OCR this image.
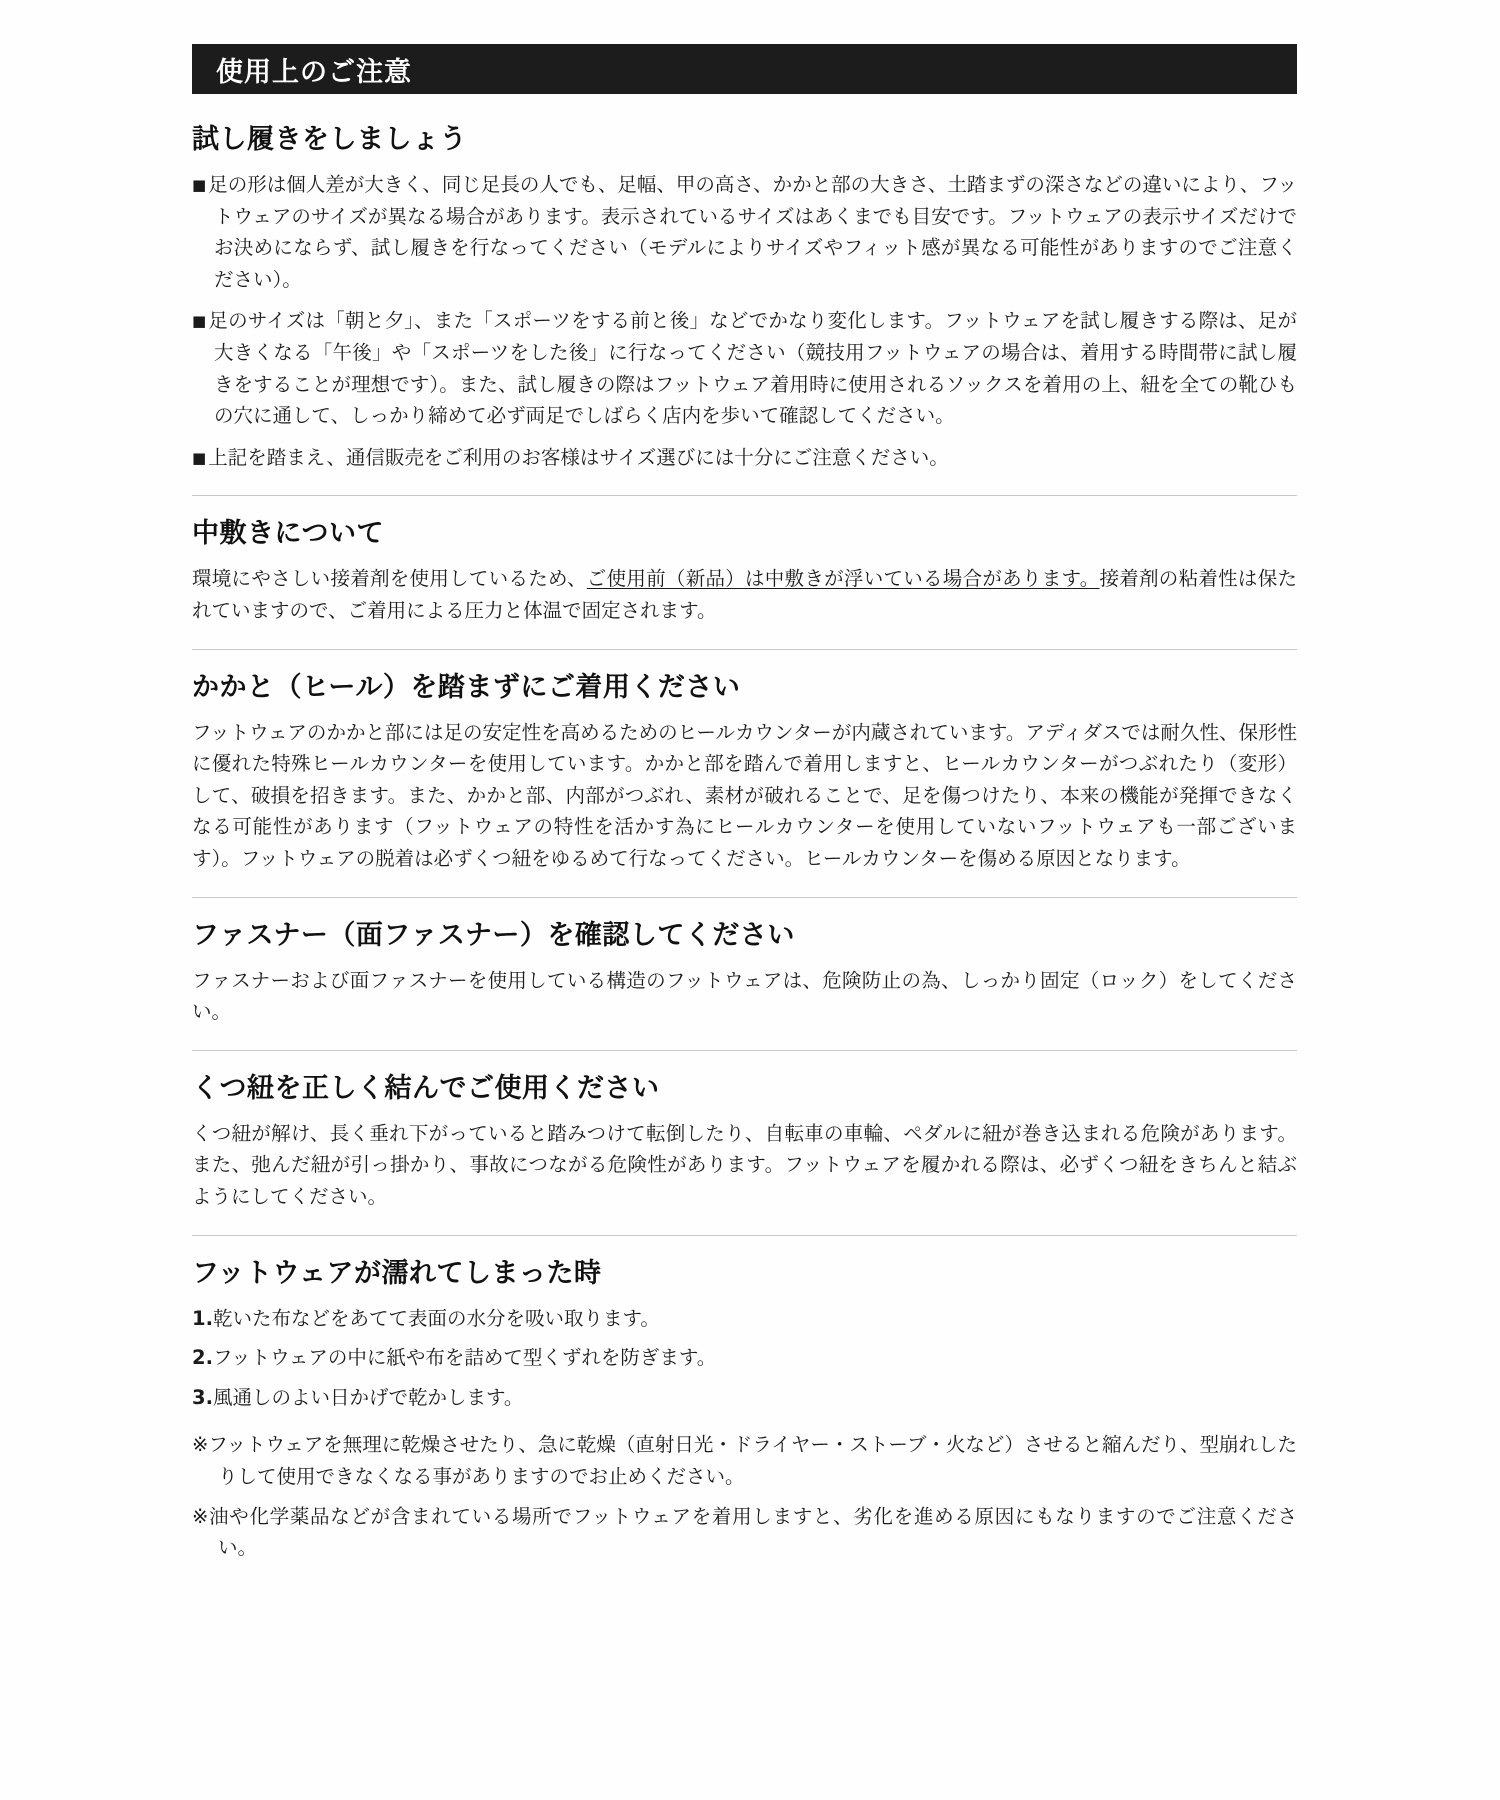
使用上のご注意
試し履きをしましょう

■ 足の形は個人差が大きく、同じ足長の人でも、足幅、甲の高さ、かかと部の大きさ、土踏まずの深さなどの違いにより、フットウェアのサイズが異なる場合があります。表示されているサイズはあくまでも目安です。フットウェアの表示サイズだけでお決めにならず、試し履きを行なってください（モデルによりサイズやフィット感が異なる可能性がありますのでご注意ください）。

■ 足のサイズは「朝と夕」、また「スポーツをする前と後」などでかなり変化します。フットウェアを試し履きする際は、足が大きくなる「午後」や「スポーツをした後」に行なってください（競技用フットウェアの場合は、着用する時間帯に試し履きをすることが理想です）。また、試し履きの際はフットウェア着用時に使用されるソックスを着用の上、紐を全ての靴ひもの穴に通して、しっかり締めて必ず両足でしばらく店内を歩いて確認してください。

■ 上記を踏まえ、通信販売をご利用のお客様はサイズ選びには十分にご注意ください。

中敷きについて

環境にやさしい接着剤を使用しているため、ご使用前（新品）は中敷きが浮いている場合があります。接着剤の粘着性は保たれていますので、ご着用による圧力と体温で固定されます。

かかと（ヒール）を踏まずにご着用ください

フットウェアのかかと部には足の安定性を高めるためのヒールカウンターが内蔵されています。アディダスでは耐久性、保形性に優れた特殊ヒールカウンターを使用しています。かかと部を踏んで着用しますと、ヒールカウンターがつぶれたり（変形）して、破損を招きます。また、かかと部、内部がつぶれ、素材が破れることで、足を傷つけたり、本来の機能が発揮できなくなる可能性があります（フットウェアの特性を活かす為にヒールカウンターを使用していないフットウェアも一部ございます）。フットウェアの脱着は必ずくつ紐をゆるめて行なってください。ヒールカウンターを傷める原因となります。

ファスナー（面ファスナー）を確認してください

ファスナーおよび面ファスナーを使用している構造のフットウェアは、危険防止の為、しっかり固定（ロック）をしてください。

くつ紐を正しく結んでご使用ください

くつ紐が解け、長く垂れ下がっていると踏みつけて転倒したり、自転車の車輪、ペダルに紐が巻き込まれる危険があります。また、弛んだ紐が引っ掛かり、事故につながる危険性があります。フットウェアを履かれる際は、必ずくつ紐をきちんと結ぶようにしてください。

フットウェアが濡れてしまった時

1.乾いた布などをあてて表面の水分を吸い取ります。

2.フットウェアの中に紙や布を詰めて型くずれを防ぎます。

3.風通しのよい日かげで乾かします。

※フットウェアを無理に乾燥させたり、急に乾燥（直射日光・ドライヤー・ストーブ・火など）させると縮んだり、型崩れしたりして使用できなくなる事がありますのでお止めください。

※油や化学薬品などが含まれている場所でフットウェアを着用しますと、劣化を進める原因にもなりますのでご注意ください。
